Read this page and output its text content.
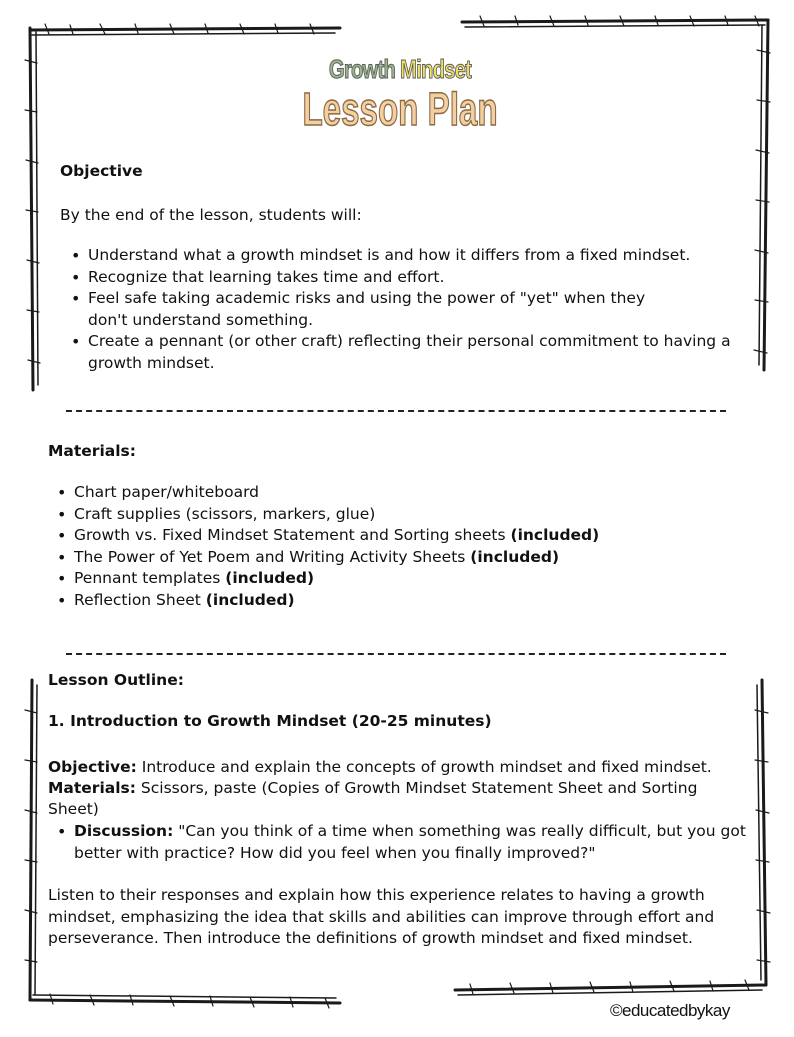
Growth Mindset
Lesson Plan
Objective
By the end of the lesson, students will:
• Understand what a growth mindset is and how it differs from a fixed mindset.
• Recognize that learning takes time and effort.
• Feel safe taking academic risks and using the power of "yet" when they don't understand something.
• Create a pennant (or other craft) reflecting their personal commitment to having a growth mindset.
Materials:
• Chart paper/whiteboard
• Craft supplies (scissors, markers, glue)
• Growth vs. Fixed Mindset Statement and Sorting sheets (included)
• The Power of Yet Poem and Writing Activity Sheets (included)
• Pennant templates (included)
• Reflection Sheet (included)
Lesson Outline:
1. Introduction to Growth Mindset (20-25 minutes)
Objective: Introduce and explain the concepts of growth mindset and fixed mindset.
Materials: Scissors, paste (Copies of Growth Mindset Statement Sheet and Sorting Sheet)
• Discussion: "Can you think of a time when something was really difficult, but you got better with practice? How did you feel when you finally improved?"
Listen to their responses and explain how this experience relates to having a growth mindset, emphasizing the idea that skills and abilities can improve through effort and perseverance. Then introduce the definitions of growth mindset and fixed mindset.
©educatedbykay
